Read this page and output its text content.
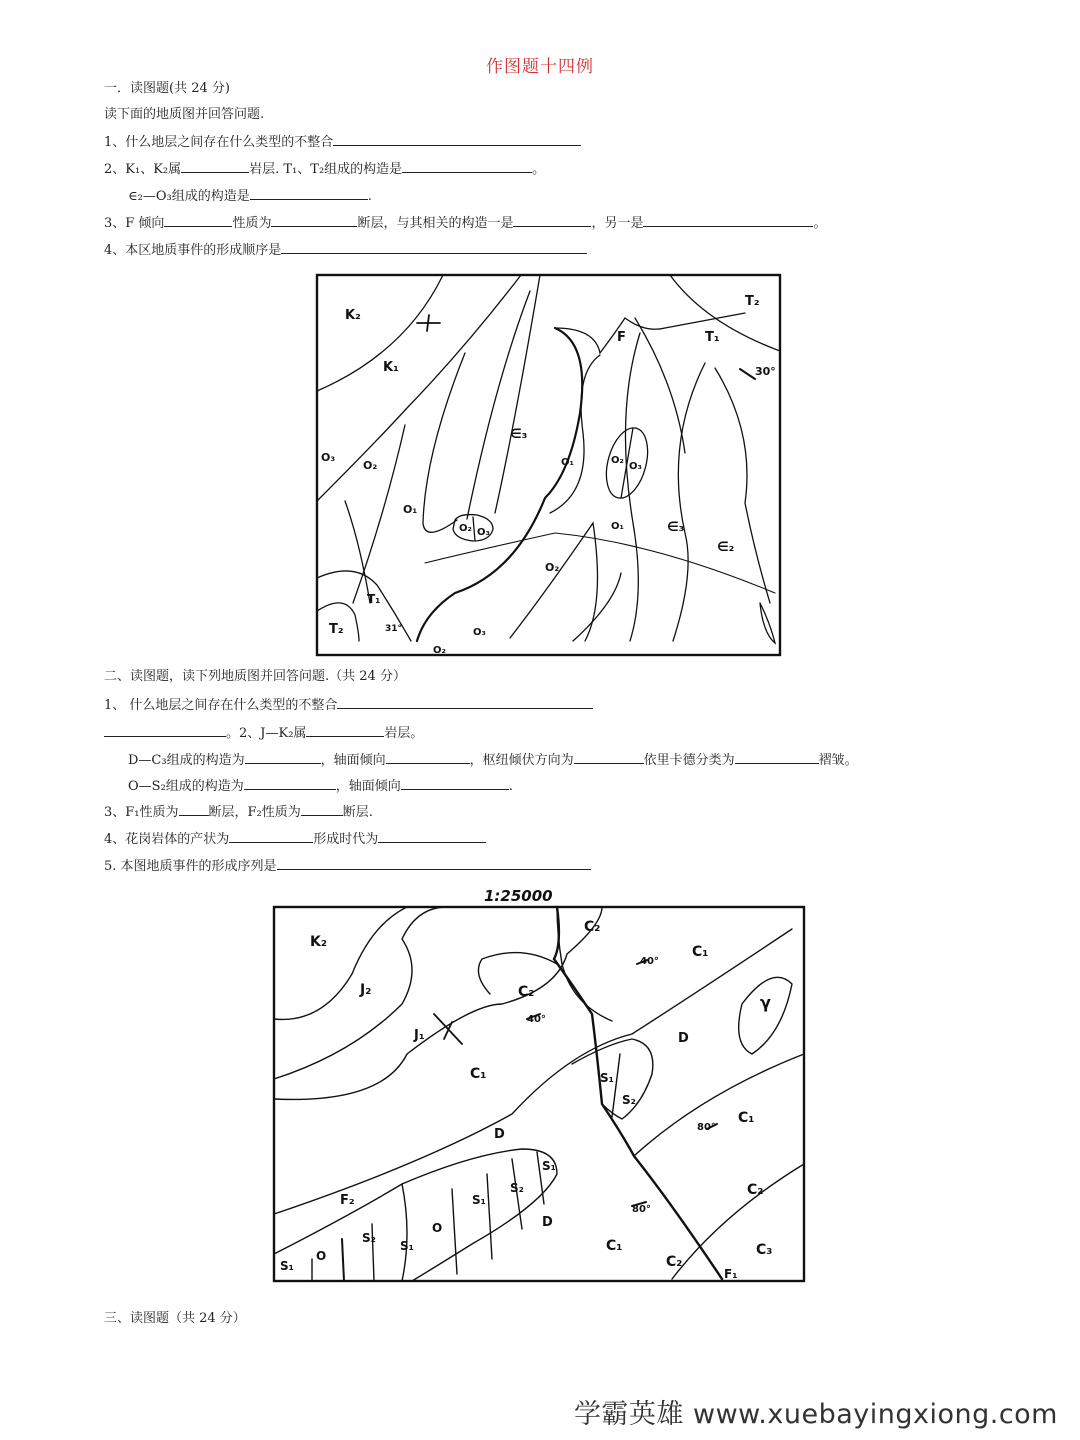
作图题十四例
一．读图题(共 24 分)
读下面的地质图并回答问题.
1、什么地层之间存在什么类型的不整合
2、K₁、K₂属	岩层. T₁、T₂组成的构造是	。
∈₂—O₃组成的构造是	.
3、F 倾向	性质为	断层，与其相关的构造一是	，另一是	。
4、本区地质事件的形成顺序是
K₂
K₁
T₂
T₁
F
30°
∈₃
O₃
O₂
O₁
O₁	O₂
O₃
O₂ O₃
O₁	∈₃
∈₂
O₂
T₁
T₂	31°	O₃
O₂
二、读图题，读下列地质图并回答问题.（共 24 分）
1、 什么地层之间存在什么类型的不整合
。2、J—K₂属	岩层。
D—C₃组成的构造为	，轴面倾向	，枢纽倾伏方向为	依里卡德分类为	褶皱。
O—S₂组成的构造为	，轴面倾向	.
3、F₁性质为 断层，F₂性质为	断层.
4、花岗岩体的产状为	形成时代为
5. 本图地质事件的形成序列是
1:25000
K₂
J₂
J₁
C₂
C₁
C₂
40°
40°
γ
D
C₁	S₁
S₂
D	80°
C₁
C₂
F₂
S₁
S₂
S₁
S₂
O
S₁
O
S₁
D
80°
C₁
C₂
C₃
F₁
三、读图题（共 24 分）
学霸英雄 www.xuebayingxiong.com
